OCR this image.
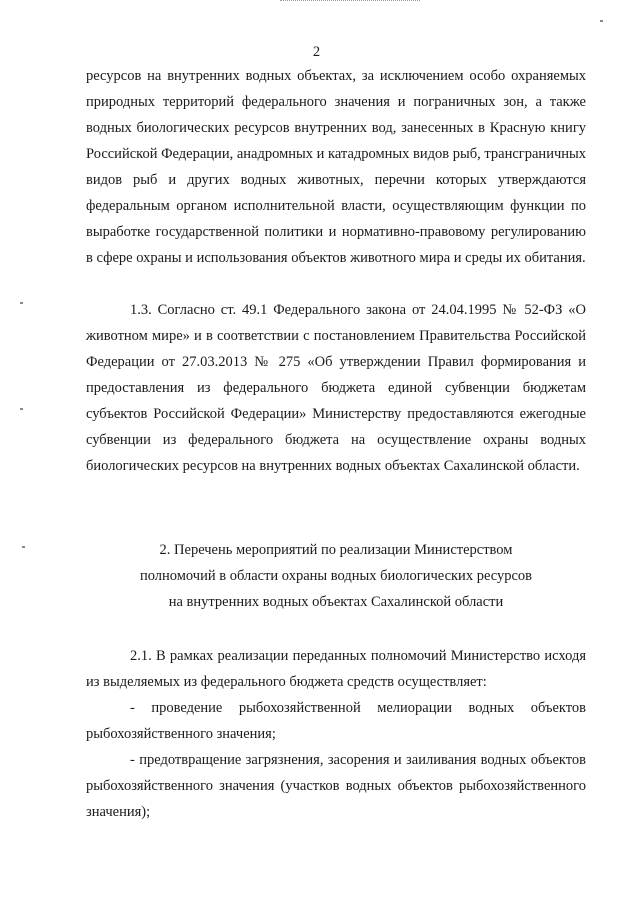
2

ресурсов на внутренних водных объектах, за исключением особо охраняемых природных территорий федерального значения и пограничных зон, а также водных биологических ресурсов внутренних вод, занесенных в Красную книгу Российской Федерации, анадромных и катадромных видов рыб, трансграничных видов рыб и других водных животных, перечни которых утверждаются федеральным органом исполнительной власти, осуществляющим функции по выработке государственной политики и нормативно-правовому регулированию в сфере охраны и использования объектов животного мира и среды их обитания.

1.3. Согласно ст. 49.1 Федерального закона от 24.04.1995 № 52-ФЗ «О животном мире» и в соответствии с постановлением Правительства Российской Федерации от 27.03.2013 № 275 «Об утверждении Правил формирования и предоставления из федерального бюджета единой субвенции бюджетам субъектов Российской Федерации» Министерству предоставляются ежегодные субвенции из федерального бюджета на осуществление охраны водных биологических ресурсов на внутренних водных объектах Сахалинской области.

2. Перечень мероприятий по реализации Министерством
полномочий в области охраны водных биологических ресурсов
на внутренних водных объектах Сахалинской области

2.1. В рамках реализации переданных полномочий Министерство исходя из выделяемых из федерального бюджета средств осуществляет:

- проведение рыбохозяйственной мелиорации водных объектов рыбохозяйственного значения;

- предотвращение загрязнения, засорения и заиливания водных объектов рыбохозяйственного значения (участков водных объектов рыбохозяйственного значения);
